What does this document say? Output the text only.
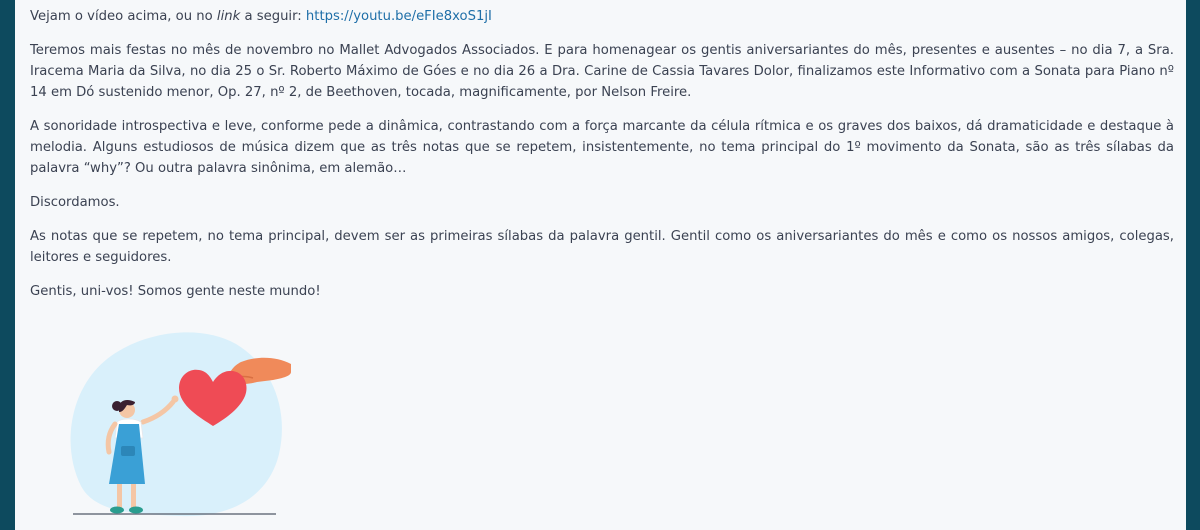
Vejam o vídeo acima, ou no link a seguir: https://youtu.be/eFIe8xoS1jI

Teremos mais festas no mês de novembro no Mallet Advogados Associados. E para homenagear os gentis aniversariantes do mês, presentes e ausentes – no dia 7, a Sra. Iracema Maria da Silva, no dia 25 o Sr. Roberto Máximo de Góes e no dia 26 a Dra. Carine de Cassia Tavares Dolor, finalizamos este Informativo com a Sonata para Piano nº 14 em Dó sustenido menor, Op. 27, nº 2, de Beethoven, tocada, magnificamente, por Nelson Freire.

A sonoridade introspectiva e leve, conforme pede a dinâmica, contrastando com a força marcante da célula rítmica e os graves dos baixos, dá dramaticidade e destaque à melodia. Alguns estudiosos de música dizem que as três notas que se repetem, insistentemente, no tema principal do 1º movimento da Sonata, são as três sílabas da palavra “why”? Ou outra palavra sinônima, em alemão…

Discordamos.

As notas que se repetem, no tema principal, devem ser as primeiras sílabas da palavra gentil. Gentil como os aniversariantes do mês e como os nossos amigos, colegas, leitores e seguidores.

Gentis, uni-vos! Somos gente neste mundo!
